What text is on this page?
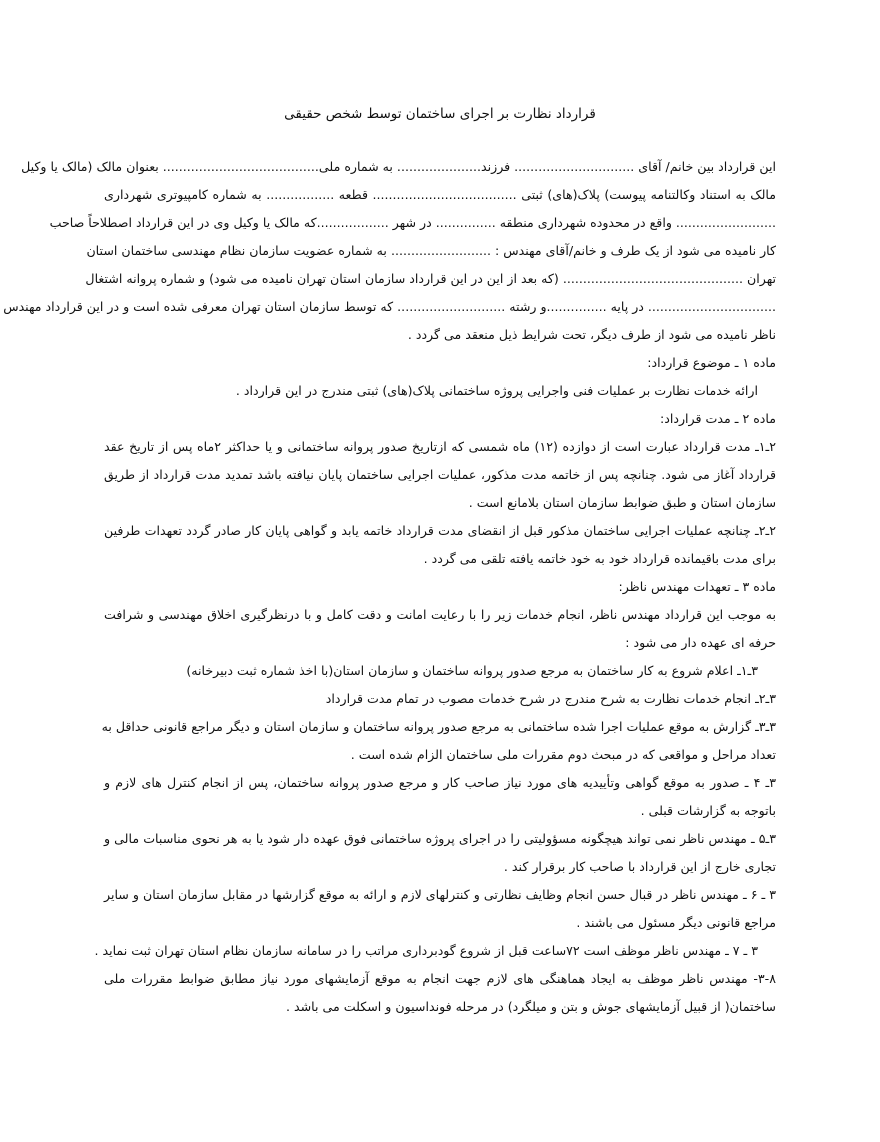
قرارداد نظارت بر اجرای ساختمان توسط شخص حقیقی
این قرارداد بین خانم/ آقای .............................. فرزند..................... به شماره ملی....................................... بعنوان مالک (مالک یا وکیل
مالک به استناد وکالتنامه پیوست) پلاک(های) ثبتی .................................... قطعه ................. به شماره کامپیوتری شهرداری
......................... واقع در محدوده شهرداری منطقه ............... در شهر ..................که مالک یا وکیل وی در این قرارداد اصطلاحاً صاحب
کار نامیده می شود از یک طرف و خانم/آقای مهندس : ......................... به شماره عضویت سازمان نظام مهندسی ساختمان استان
تهران ............................................. (که بعد از این در این قرارداد سازمان استان تهران نامیده می شود) و شماره پروانه اشتغال
................................ در پایه ...............و رشته ........................... که توسط سازمان استان تهران معرفی شده است و در این قرارداد مهندس
ناظر نامیده می شود از طرف دیگر، تحت شرایط ذیل منعقد می گردد .
ماده ۱ ـ موضوع قرارداد:
ارائه خدمات نظارت بر عملیات فنی واجرایی پروژه ساختمانی پلاک(های) ثبتی مندرج در این قرارداد .
ماده ۲ ـ مدت قرارداد:
۲ـ۱ـ مدت قرارداد عبارت است از دوازده (۱۲) ماه شمسی که ازتاریخ صدور پروانه ساختمانی و یا حداکثر ۲ماه پس از تاریخ عقد
قرارداد آغاز می شود. چنانچه پس از خاتمه مدت مذکور، عملیات اجرایی ساختمان پایان نیافته باشد تمدید مدت قرارداد از طریق
سازمان استان و طبق ضوابط سازمان استان بلامانع است .
۲ـ۲ـ چنانچه عملیات اجرایی ساختمان مذکور قبل از انقضای مدت قرارداد خاتمه یابد و گواهی پایان کار صادر گردد تعهدات طرفین
برای مدت باقیمانده قرارداد خود به خود خاتمه یافته تلقی می گردد .
ماده ۳ ـ تعهدات مهندس ناظر:
به موجب این قرارداد مهندس ناظر، انجام خدمات زیر را با رعایت امانت و دقت کامل و با درنظرگیری اخلاق مهندسی و شرافت
حرفه ای عهده دار می شود :
۳ـ۱ـ اعلام شروع به کار ساختمان به مرجع صدور پروانه ساختمان و سازمان استان(با اخذ شماره ثبت دبیرخانه)
۳ـ۲ـ انجام خدمات نظارت به شرح مندرج در شرح خدمات مصوب در تمام مدت قرارداد
۳ـ۳ـ گزارش به موقع عملیات اجرا شده ساختمانی به مرجع صدور پروانه ساختمان و سازمان استان و دیگر مراجع قانونی حداقل به
تعداد مراحل و مواقعی که در مبحث دوم مقررات ملی ساختمان الزام شده است .
۳ـ ۴ ـ صدور به موقع گواهی وتأییدیه های مورد نیاز صاحب کار و مرجع صدور پروانه ساختمان، پس از انجام کنترل های لازم و
باتوجه به گزارشات قبلی .
۳ـ۵ ـ مهندس ناظر نمی تواند هیچگونه مسؤولیتی را در اجرای پروژه ساختمانی فوق عهده دار شود یا به هر نحوی مناسبات مالی و
تجاری خارج از این قرارداد با صاحب کار برقرار کند .
۳ ـ ۶ ـ مهندس ناظر در قبال حسن انجام وظایف نظارتی و کنترلهای لازم و ارائه به موقع گزارشها در مقابل سازمان استان و سایر
مراجع قانونی دیگر مسئول می باشند .
۳ ـ ۷ ـ مهندس ناظر موظف است ۷۲ساعت قبل از شروع گودبرداری مراتب را در سامانه سازمان نظام استان تهران ثبت نماید .
۳-۸- مهندس ناظر موظف به ایجاد هماهنگی های لازم جهت انجام به موقع آزمایشهای مورد نیاز مطابق ضوابط مقررات ملی
ساختمان( از قبیل آزمایشهای جوش و بتن و میلگرد) در مرحله فونداسیون و اسکلت می باشد .
